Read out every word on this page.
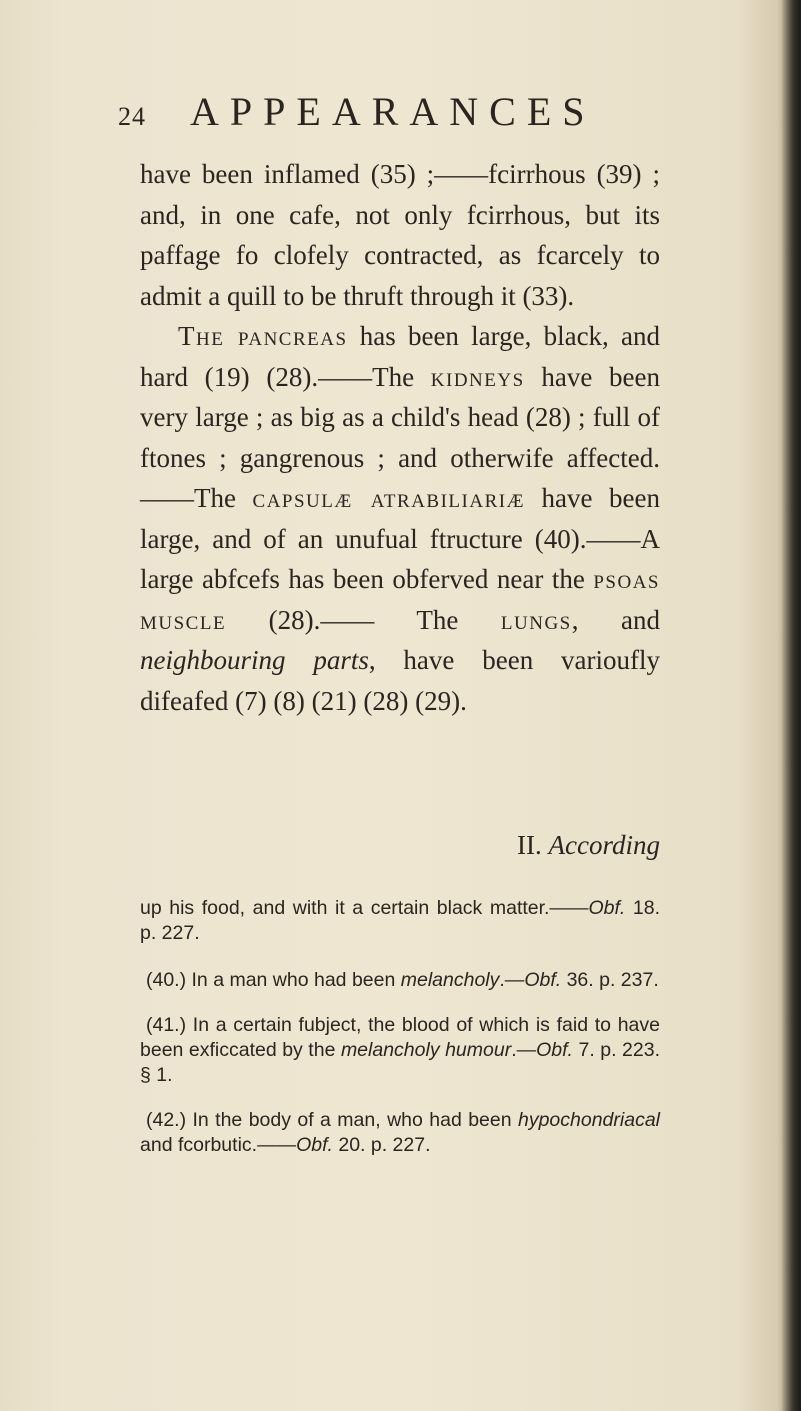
24 APPEARANCES

have been inflamed (35) ;——fcirrhous (39) ; and, in one cafe, not only fcirrhous, but its paffage fo clofely contracted, as fcarcely to admit a quill to be thruft through it (33).

The pancreas has been large, black, and hard (19) (28).——The kidneys have been very large ; as big as a child's head (28) ; full of ftones ; gangrenous ; and otherwife affected.——The capsulæ atrabiliariæ have been large, and of an unufual ftructure (40).——A large abfcefs has been obferved near the psoas muscle (28).—— The lungs, and neighbouring parts, have been varioufly difeafed (7) (8) (21) (28) (29).

II. According

up his food, and with it a certain black matter.——Obf. 18. p. 227.

(40.) In a man who had been melancholy.—Obf. 36. p. 237.

(41.) In a certain fubject, the blood of which is faid to have been exficcated by the melancholy humour.—Obf. 7. p. 223. § 1.

(42.) In the body of a man, who had been hypochondriacal and fcorbutic.——Obf. 20. p. 227.
